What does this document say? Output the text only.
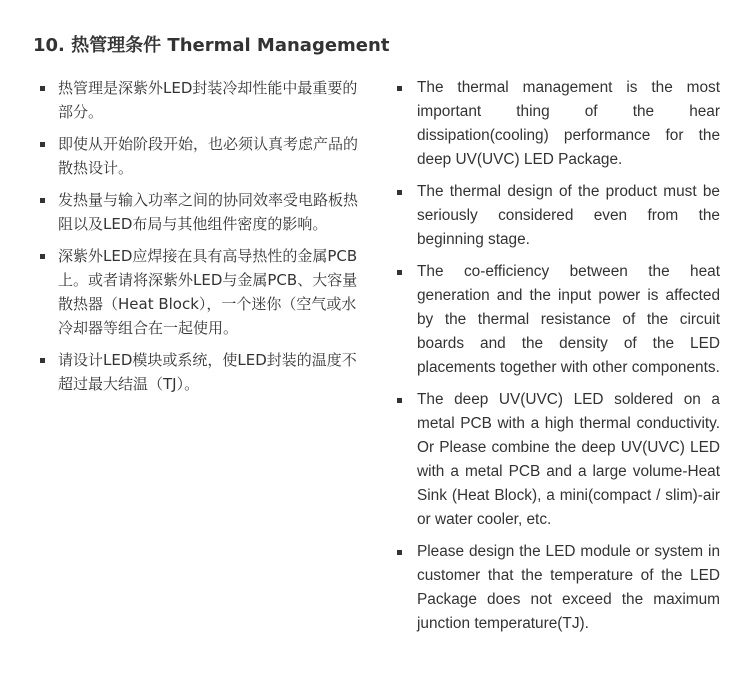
10. 热管理条件 Thermal Management
热管理是深紫外LED封装冷却性能中最重要的部分。
即使从开始阶段开始，也必须认真考虑产品的散热设计。
发热量与输入功率之间的协同效率受电路板热阻以及LED布局与其他组件密度的影响。
深紫外LED应焊接在具有高导热性的金属PCB上。或者请将深紫外LED与金属PCB、大容量散热器（Heat Block），一个迷你（空气或水冷却器等组合在一起使用。
请设计LED模块或系统，使LED封装的温度不超过最大结温（TJ）。
The thermal management is the most important thing of the hear dissipation(cooling) performance for the deep UV(UVC) LED Package.
The thermal design of the product must be seriously considered even from the beginning stage.
The co-efficiency between the heat generation and the input power is affected by the thermal resistance of the circuit boards and the density of the LED placements together with other components.
The deep UV(UVC) LED soldered on a metal PCB with a high thermal conductivity. Or Please combine the deep UV(UVC) LED with a metal PCB and a large volume-Heat Sink (Heat Block), a mini(compact / slim)-air or water cooler, etc.
Please design the LED module or system in customer that the temperature of the LED Package does not exceed the maximum junction temperature(TJ).
